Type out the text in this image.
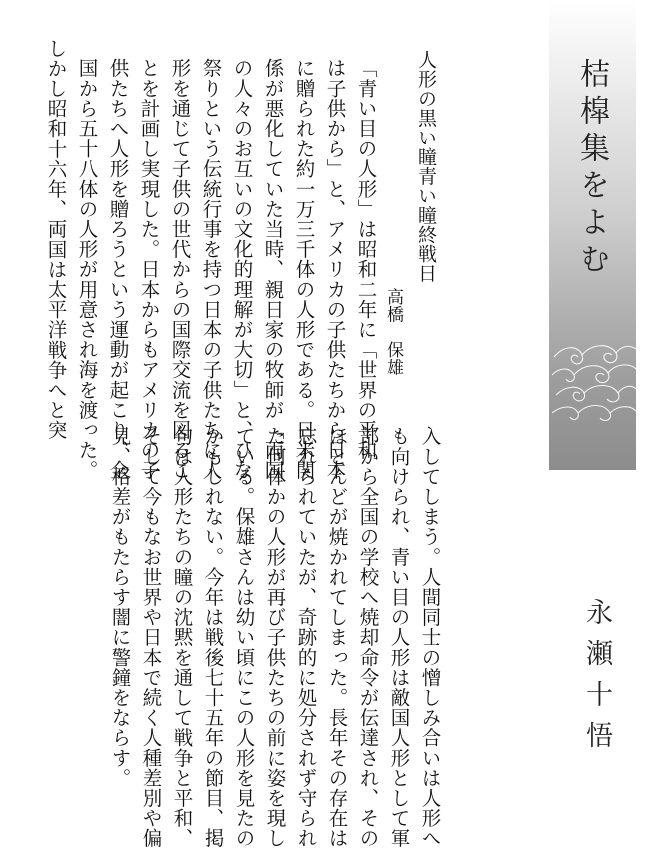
人形の黒い瞳青い瞳終戦日
高橋　保雄
「青い目の人形」は昭和二年に「世界の平和
は子供から」と、アメリカの子供たちから日本
に贈られた約一万三千体の人形である。日米関
係が悪化していた当時、親日家の牧師が「両国
の人々のお互いの文化的理解が大切」と、ひな
祭りという伝統行事を持つ日本の子供たちに人
形を通じて子供の世代からの国際交流を図るこ
とを計画し実現した。日本からもアメリカの子
供たちへ人形を贈ろうという運動が起こり、全
国から五十八体の人形が用意され海を渡った。
　しかし昭和十六年、両国は太平洋戦争へと突
入してしまう。人間同士の憎しみ合いは人形へ
も向けられ、青い目の人形は敵国人形として軍
部から全国の学校へ焼却命令が伝達され、その
ほとんどが焼かれてしまった。長年その存在は
忘れられていたが、奇跡的に処分されず守られ
た何体かの人形が再び子供たちの前に姿を現し
ている。保雄さんは幼い頃にこの人形を見たの
かもしれない。今年は戦後七十五年の節目、掲
句は人形たちの瞳の沈黙を通して戦争と平和、
そして今もなお世界や日本で続く人種差別や偏
見、格差がもたらす闇に警鐘をならす。
桔槹集をよむ
永瀬十悟
